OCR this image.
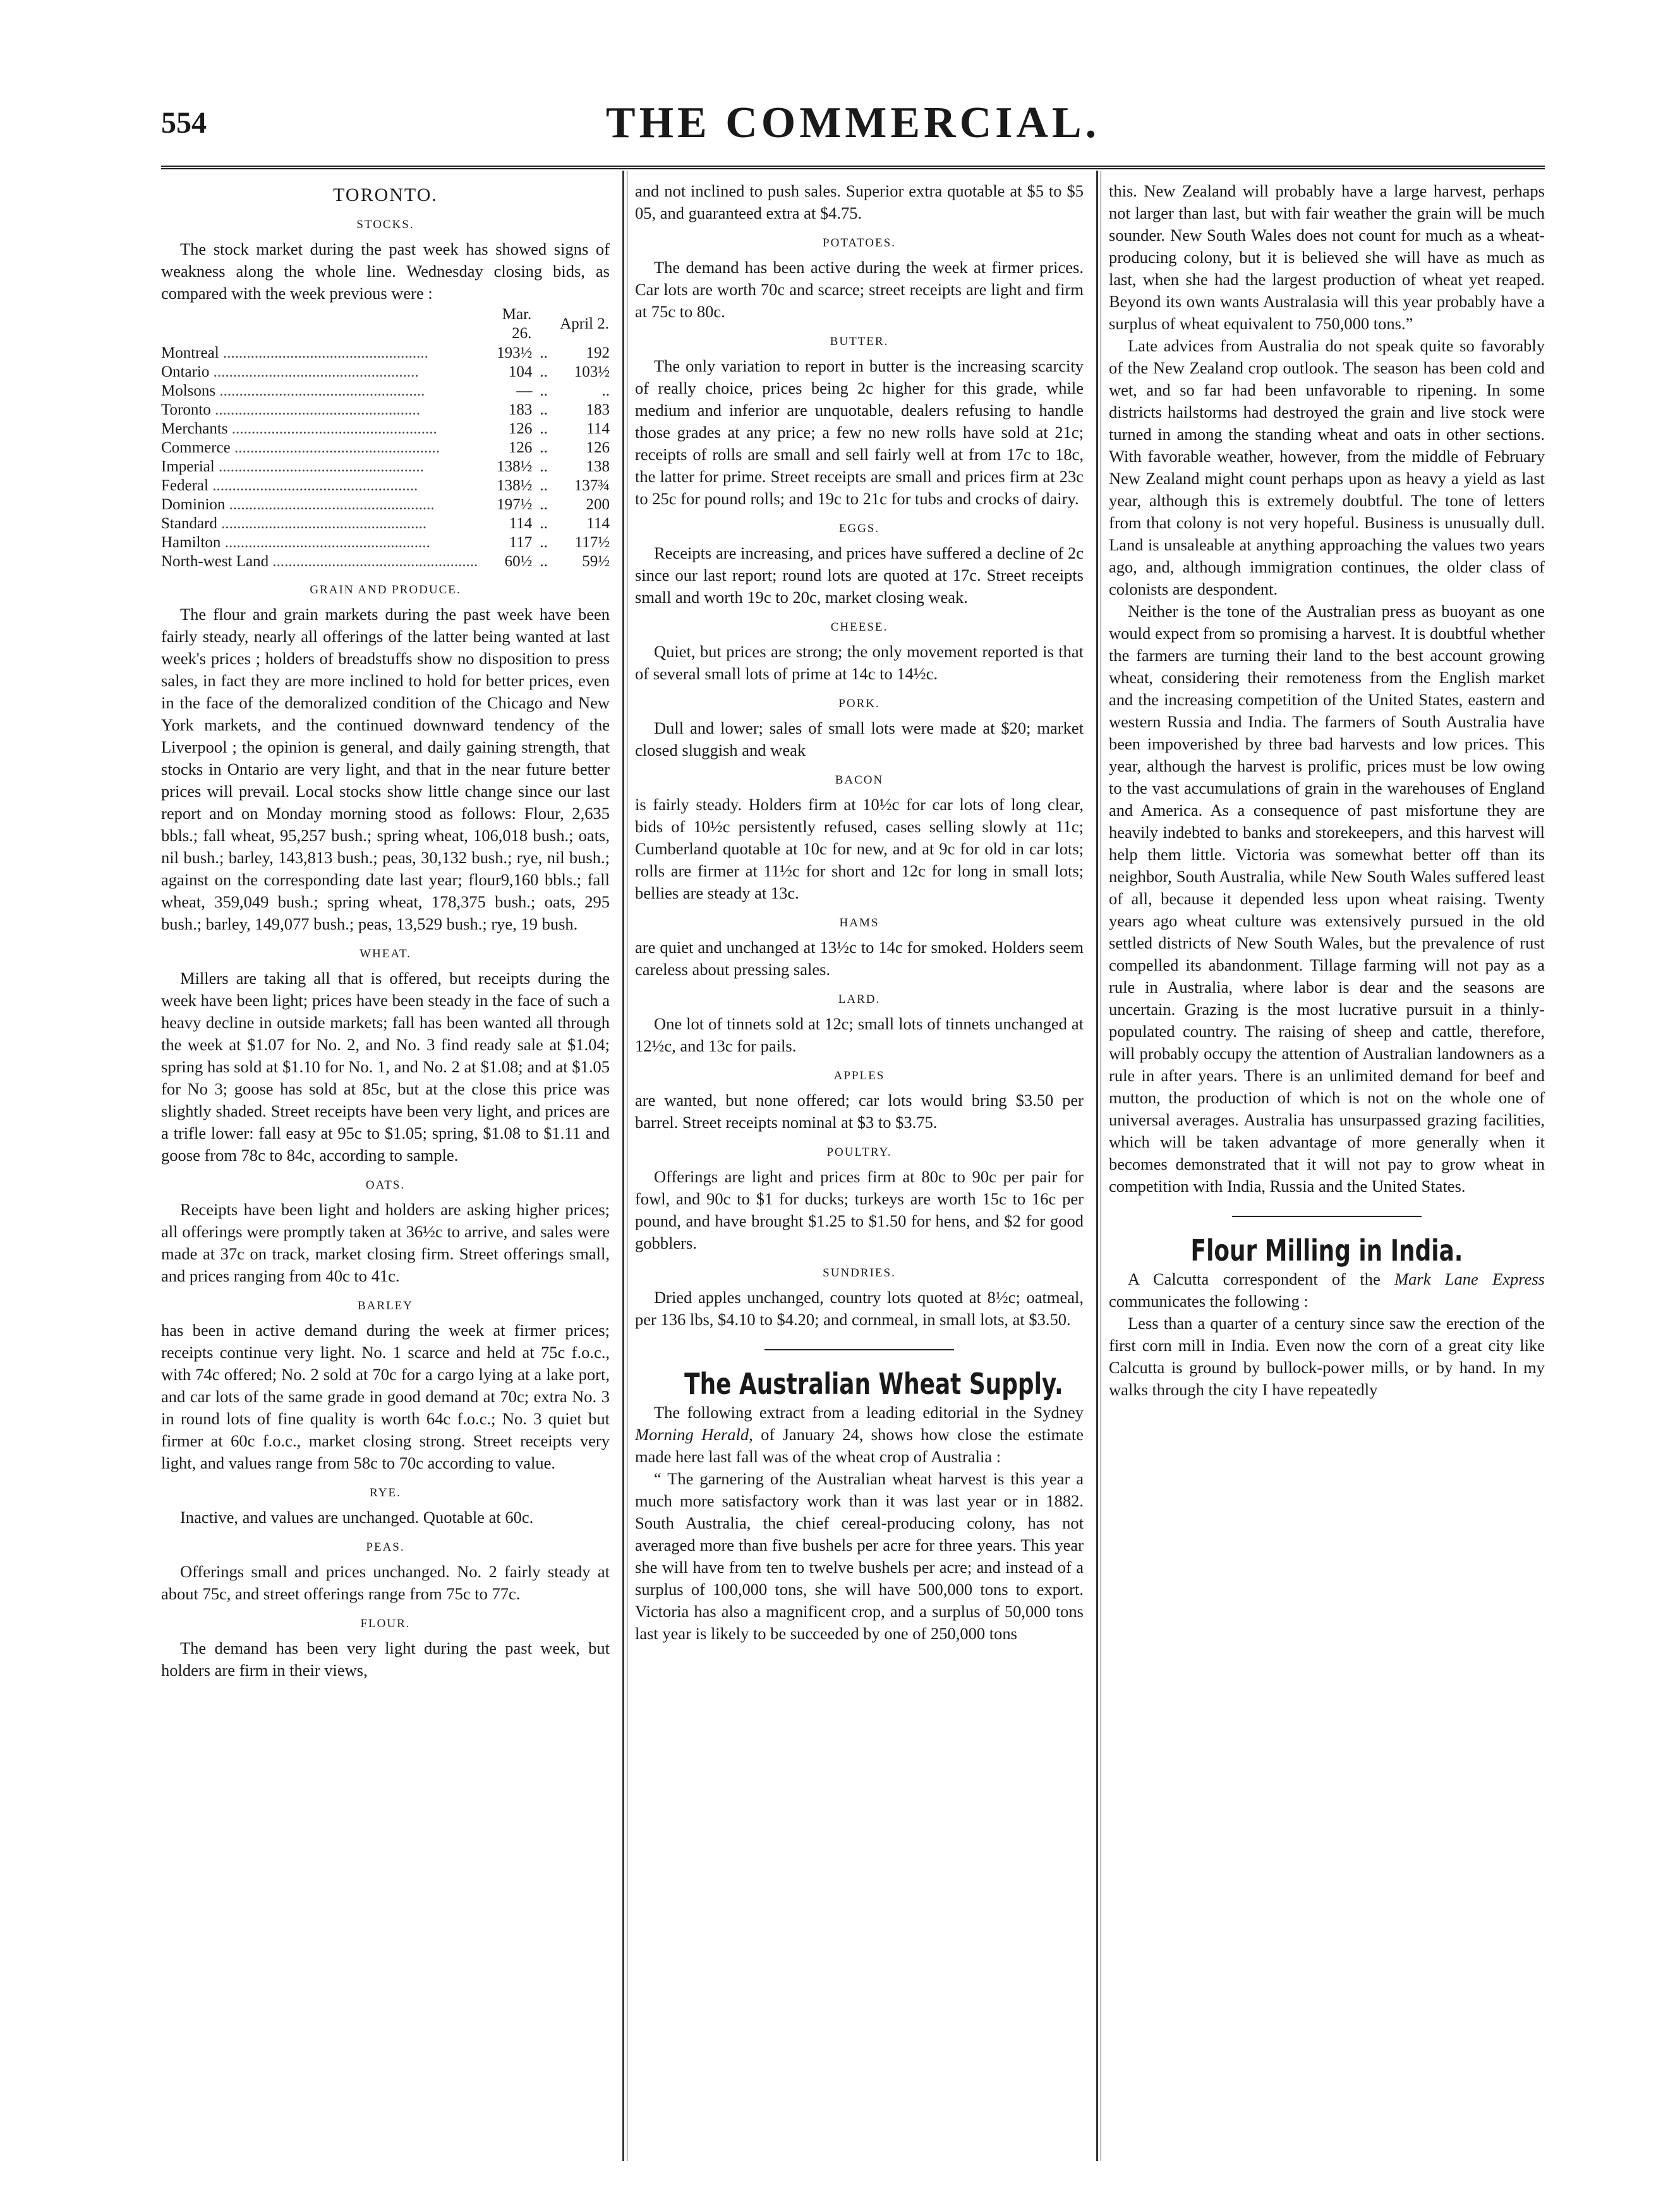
554	THE COMMERCIAL.
TORONTO.
STOCKS.

The stock market during the past week has showed signs of weakness along the whole line. Wednesday closing bids, as compared with the week previous were :

	Mar. 26.		April 2.
Montreal ....................................................	193½	..	192
Ontario ....................................................	104	..	103½
Molsons ....................................................	—	..	..
Toronto ....................................................	183	..	183
Merchants ....................................................	126	..	114
Commerce ....................................................	126	..	126
Imperial ....................................................	138½	..	138
Federal ....................................................	138½	..	137¾
Dominion ....................................................	197½	..	200
Standard ....................................................	114	..	114
Hamilton ....................................................	117	..	117½
North-west Land ....................................................	60½	..	59½
GRAIN AND PRODUCE.

The flour and grain markets during the past week have been fairly steady, nearly all offerings of the latter being wanted at last week's prices ; holders of breadstuffs show no disposition to press sales, in fact they are more inclined to hold for better prices, even in the face of the demoralized condition of the Chicago and New York markets, and the continued downward tendency of the Liverpool ; the opinion is general, and daily gaining strength, that stocks in Ontario are very light, and that in the near future better prices will prevail. Local stocks show little change since our last report and on Monday morning stood as follows: Flour, 2,635 bbls.; fall wheat, 95,257 bush.; spring wheat, 106,018 bush.; oats, nil bush.; barley, 143,813 bush.; peas, 30,132 bush.; rye, nil bush.; against on the corresponding date last year; flour9,160 bbls.; fall wheat, 359,049 bush.; spring wheat, 178,375 bush.; oats, 295 bush.; barley, 149,077 bush.; peas, 13,529 bush.; rye, 19 bush.

WHEAT.

Millers are taking all that is offered, but receipts during the week have been light; prices have been steady in the face of such a heavy decline in outside markets; fall has been wanted all through the week at $1.07 for No. 2, and No. 3 find ready sale at $1.04; spring has sold at $1.10 for No. 1, and No. 2 at $1.08; and at $1.05 for No 3; goose has sold at 85c, but at the close this price was slightly shaded. Street receipts have been very light, and prices are a trifle lower: fall easy at 95c to $1.05; spring, $1.08 to $1.11 and goose from 78c to 84c, according to sample.

OATS.

Receipts have been light and holders are asking higher prices; all offerings were promptly taken at 36½c to arrive, and sales were made at 37c on track, market closing firm. Street offerings small, and prices ranging from 40c to 41c.

BARLEY

has been in active demand during the week at firmer prices; receipts continue very light. No. 1 scarce and held at 75c f.o.c., with 74c offered; No. 2 sold at 70c for a cargo lying at a lake port, and car lots of the same grade in good demand at 70c; extra No. 3 in round lots of fine quality is worth 64c f.o.c.; No. 3 quiet but firmer at 60c f.o.c., market closing strong. Street receipts very light, and values range from 58c to 70c according to value.

RYE.

Inactive, and values are unchanged. Quotable at 60c.

PEAS.

Offerings small and prices unchanged. No. 2 fairly steady at about 75c, and street offerings range from 75c to 77c.

FLOUR.

The demand has been very light during the past week, but holders are firm in their views,

and not inclined to push sales. Superior extra quotable at $5 to $5 05, and guaranteed extra at $4.75.

POTATOES.

The demand has been active during the week at firmer prices. Car lots are worth 70c and scarce; street receipts are light and firm at 75c to 80c.

BUTTER.

The only variation to report in butter is the increasing scarcity of really choice, prices being 2c higher for this grade, while medium and inferior are unquotable, dealers refusing to handle those grades at any price; a few no new rolls have sold at 21c; receipts of rolls are small and sell fairly well at from 17c to 18c, the latter for prime. Street receipts are small and prices firm at 23c to 25c for pound rolls; and 19c to 21c for tubs and crocks of dairy.

EGGS.

Receipts are increasing, and prices have suffered a decline of 2c since our last report; round lots are quoted at 17c. Street receipts small and worth 19c to 20c, market closing weak.

CHEESE.

Quiet, but prices are strong; the only movement reported is that of several small lots of prime at 14c to 14½c.

PORK.

Dull and lower; sales of small lots were made at $20; market closed sluggish and weak

BACON

is fairly steady. Holders firm at 10½c for car lots of long clear, bids of 10½c persistently refused, cases selling slowly at 11c; Cumberland quotable at 10c for new, and at 9c for old in car lots; rolls are firmer at 11½c for short and 12c for long in small lots; bellies are steady at 13c.

HAMS

are quiet and unchanged at 13½c to 14c for smoked. Holders seem careless about pressing sales.

LARD.

One lot of tinnets sold at 12c; small lots of tinnets unchanged at 12½c, and 13c for pails.

APPLES

are wanted, but none offered; car lots would bring $3.50 per barrel. Street receipts nominal at $3 to $3.75.

POULTRY.

Offerings are light and prices firm at 80c to 90c per pair for fowl, and 90c to $1 for ducks; turkeys are worth 15c to 16c per pound, and have brought $1.25 to $1.50 for hens, and $2 for good gobblers.

SUNDRIES.

Dried apples unchanged, country lots quoted at 8½c; oatmeal, per 136 lbs, $4.10 to $4.20; and cornmeal, in small lots, at $3.50.

The Australian Wheat Supply.

The following extract from a leading editorial in the Sydney Morning Herald, of January 24, shows how close the estimate made here last fall was of the wheat crop of Australia :

“ The garnering of the Australian wheat harvest is this year a much more satisfactory work than it was last year or in 1882. South Australia, the chief cereal-producing colony, has not averaged more than five bushels per acre for three years. This year she will have from ten to twelve bushels per acre; and instead of a surplus of 100,000 tons, she will have 500,000 tons to export. Victoria has also a magnificent crop, and a surplus of 50,000 tons last year is likely to be succeeded by one of 250,000 tons

this. New Zealand will probably have a large harvest, perhaps not larger than last, but with fair weather the grain will be much sounder. New South Wales does not count for much as a wheat-producing colony, but it is believed she will have as much as last, when she had the largest production of wheat yet reaped. Beyond its own wants Australasia will this year probably have a surplus of wheat equivalent to 750,000 tons.”

Late advices from Australia do not speak quite so favorably of the New Zealand crop outlook. The season has been cold and wet, and so far had been unfavorable to ripening. In some districts hailstorms had destroyed the grain and live stock were turned in among the standing wheat and oats in other sections. With favorable weather, however, from the middle of February New Zealand might count perhaps upon as heavy a yield as last year, although this is extremely doubtful. The tone of letters from that colony is not very hopeful. Business is unusually dull. Land is unsaleable at anything approaching the values two years ago, and, although immigration continues, the older class of colonists are despondent.

Neither is the tone of the Australian press as buoyant as one would expect from so promising a harvest. It is doubtful whether the farmers are turning their land to the best account growing wheat, considering their remoteness from the English market and the increasing competition of the United States, eastern and western Russia and India. The farmers of South Australia have been impoverished by three bad harvests and low prices. This year, although the harvest is prolific, prices must be low owing to the vast accumulations of grain in the warehouses of England and America. As a consequence of past misfortune they are heavily indebted to banks and storekeepers, and this harvest will help them little. Victoria was somewhat better off than its neighbor, South Australia, while New South Wales suffered least of all, because it depended less upon wheat raising. Twenty years ago wheat culture was extensively pursued in the old settled districts of New South Wales, but the prevalence of rust compelled its abandonment. Tillage farming will not pay as a rule in Australia, where labor is dear and the seasons are uncertain. Grazing is the most lucrative pursuit in a thinly-populated country. The raising of sheep and cattle, therefore, will probably occupy the attention of Australian landowners as a rule in after years. There is an unlimited demand for beef and mutton, the production of which is not on the whole one of universal averages. Australia has unsurpassed grazing facilities, which will be taken advantage of more generally when it becomes demonstrated that it will not pay to grow wheat in competition with India, Russia and the United States.

Flour Milling in India.

A Calcutta correspondent of the Mark Lane Express communicates the following :

Less than a quarter of a century since saw the erection of the first corn mill in India. Even now the corn of a great city like Calcutta is ground by bullock-power mills, or by hand. In my walks through the city I have repeatedly
